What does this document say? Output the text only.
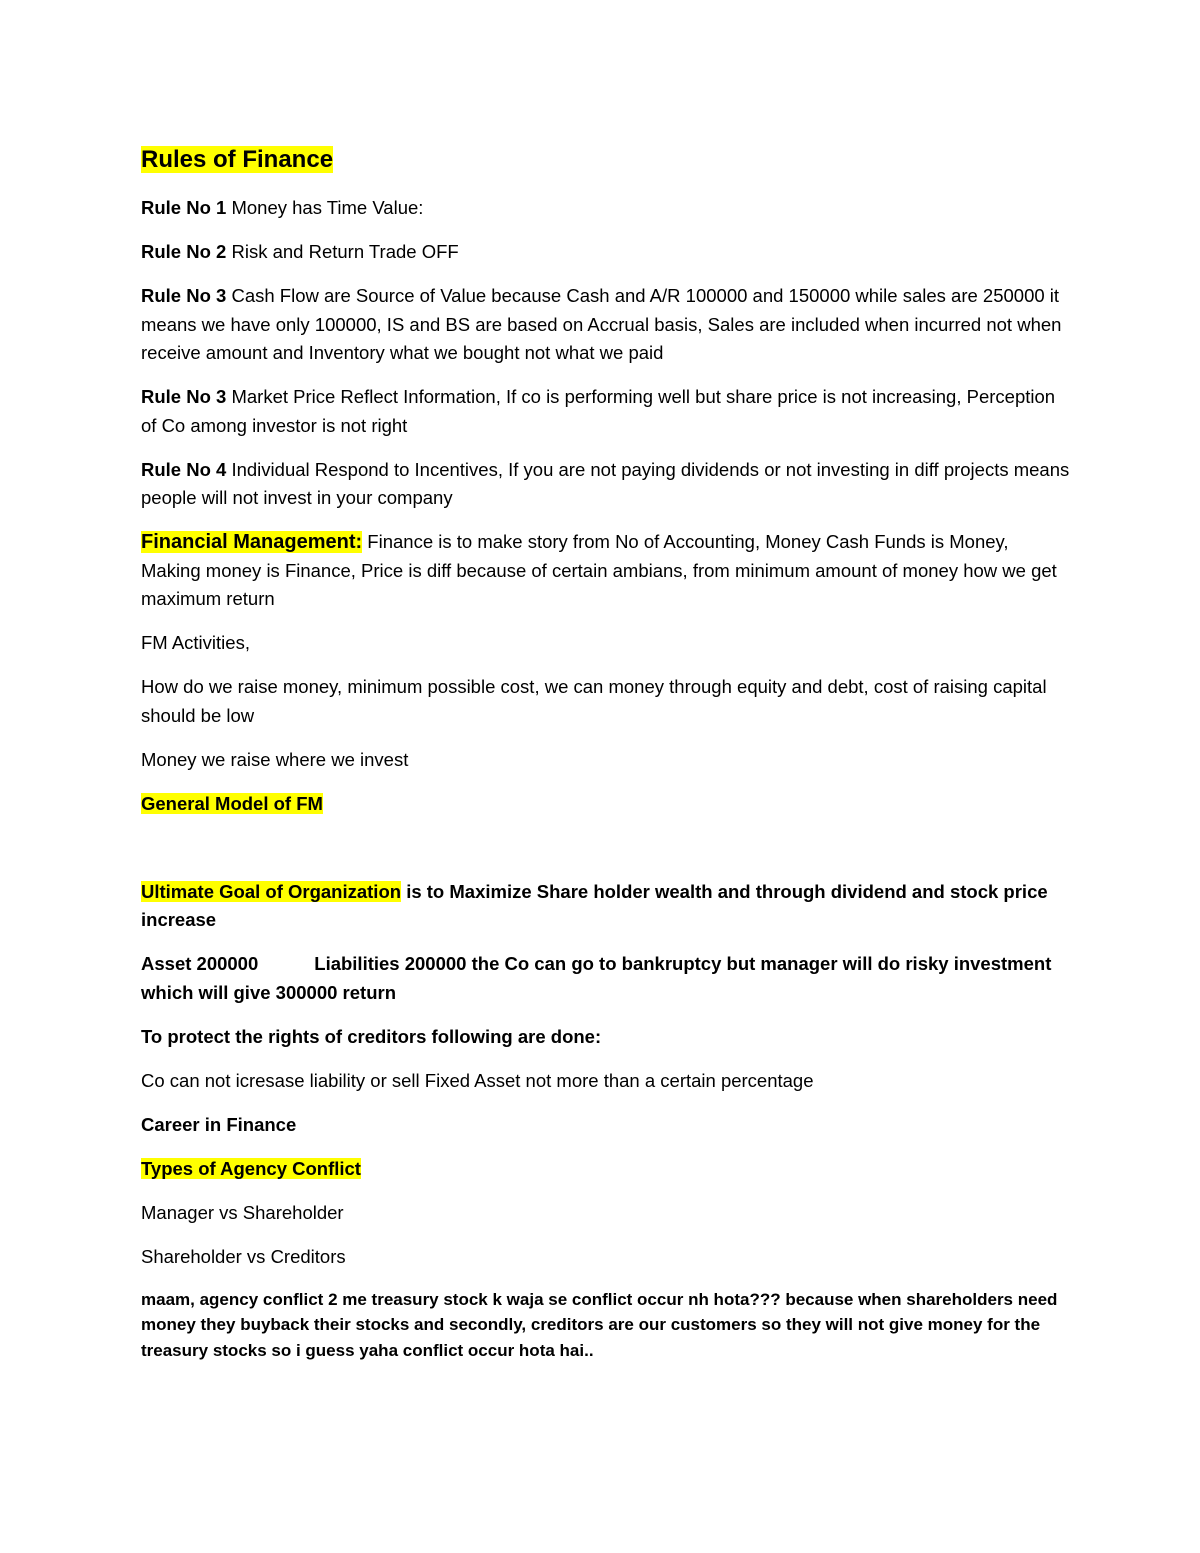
Rules of Finance

Rule No 1 Money has Time Value:

Rule No 2 Risk and Return Trade OFF

Rule No 3 Cash Flow are Source of Value because Cash and A/R 100000 and 150000 while sales are 250000 it means we have only 100000, IS and BS are based on Accrual basis, Sales are included when incurred not when receive amount and Inventory what we bought not what we paid

Rule No 3 Market Price Reflect Information, If co is performing well but share price is not increasing, Perception of Co among investor is not right

Rule No 4 Individual Respond to Incentives, If you are not paying dividends or not investing in diff projects means people will not invest in your company

Financial Management: Finance is to make story from No of Accounting, Money Cash Funds is Money, Making money is Finance, Price is diff because of certain ambians, from minimum amount of money how we get maximum return

FM Activities,

How do we raise money, minimum possible cost, we can money through equity and debt, cost of raising capital should be low

Money we raise where we invest

General Model of FM

Ultimate Goal of Organization is to Maximize Share holder wealth and through dividend and stock price increase

Asset 200000	Liabilities 200000 the Co can go to bankruptcy but manager will do risky investment which will give 300000 return

To protect the rights of creditors following are done:

Co can not icresase liability or sell Fixed Asset not more than a certain percentage

Career in Finance

Types of Agency Conflict

Manager vs Shareholder

Shareholder vs Creditors

maam, agency conflict 2 me treasury stock k waja se conflict occur nh hota??? because when shareholders need money they buyback their stocks and secondly, creditors are our customers so they will not give money for the treasury stocks so i guess yaha conflict occur hota hai..
